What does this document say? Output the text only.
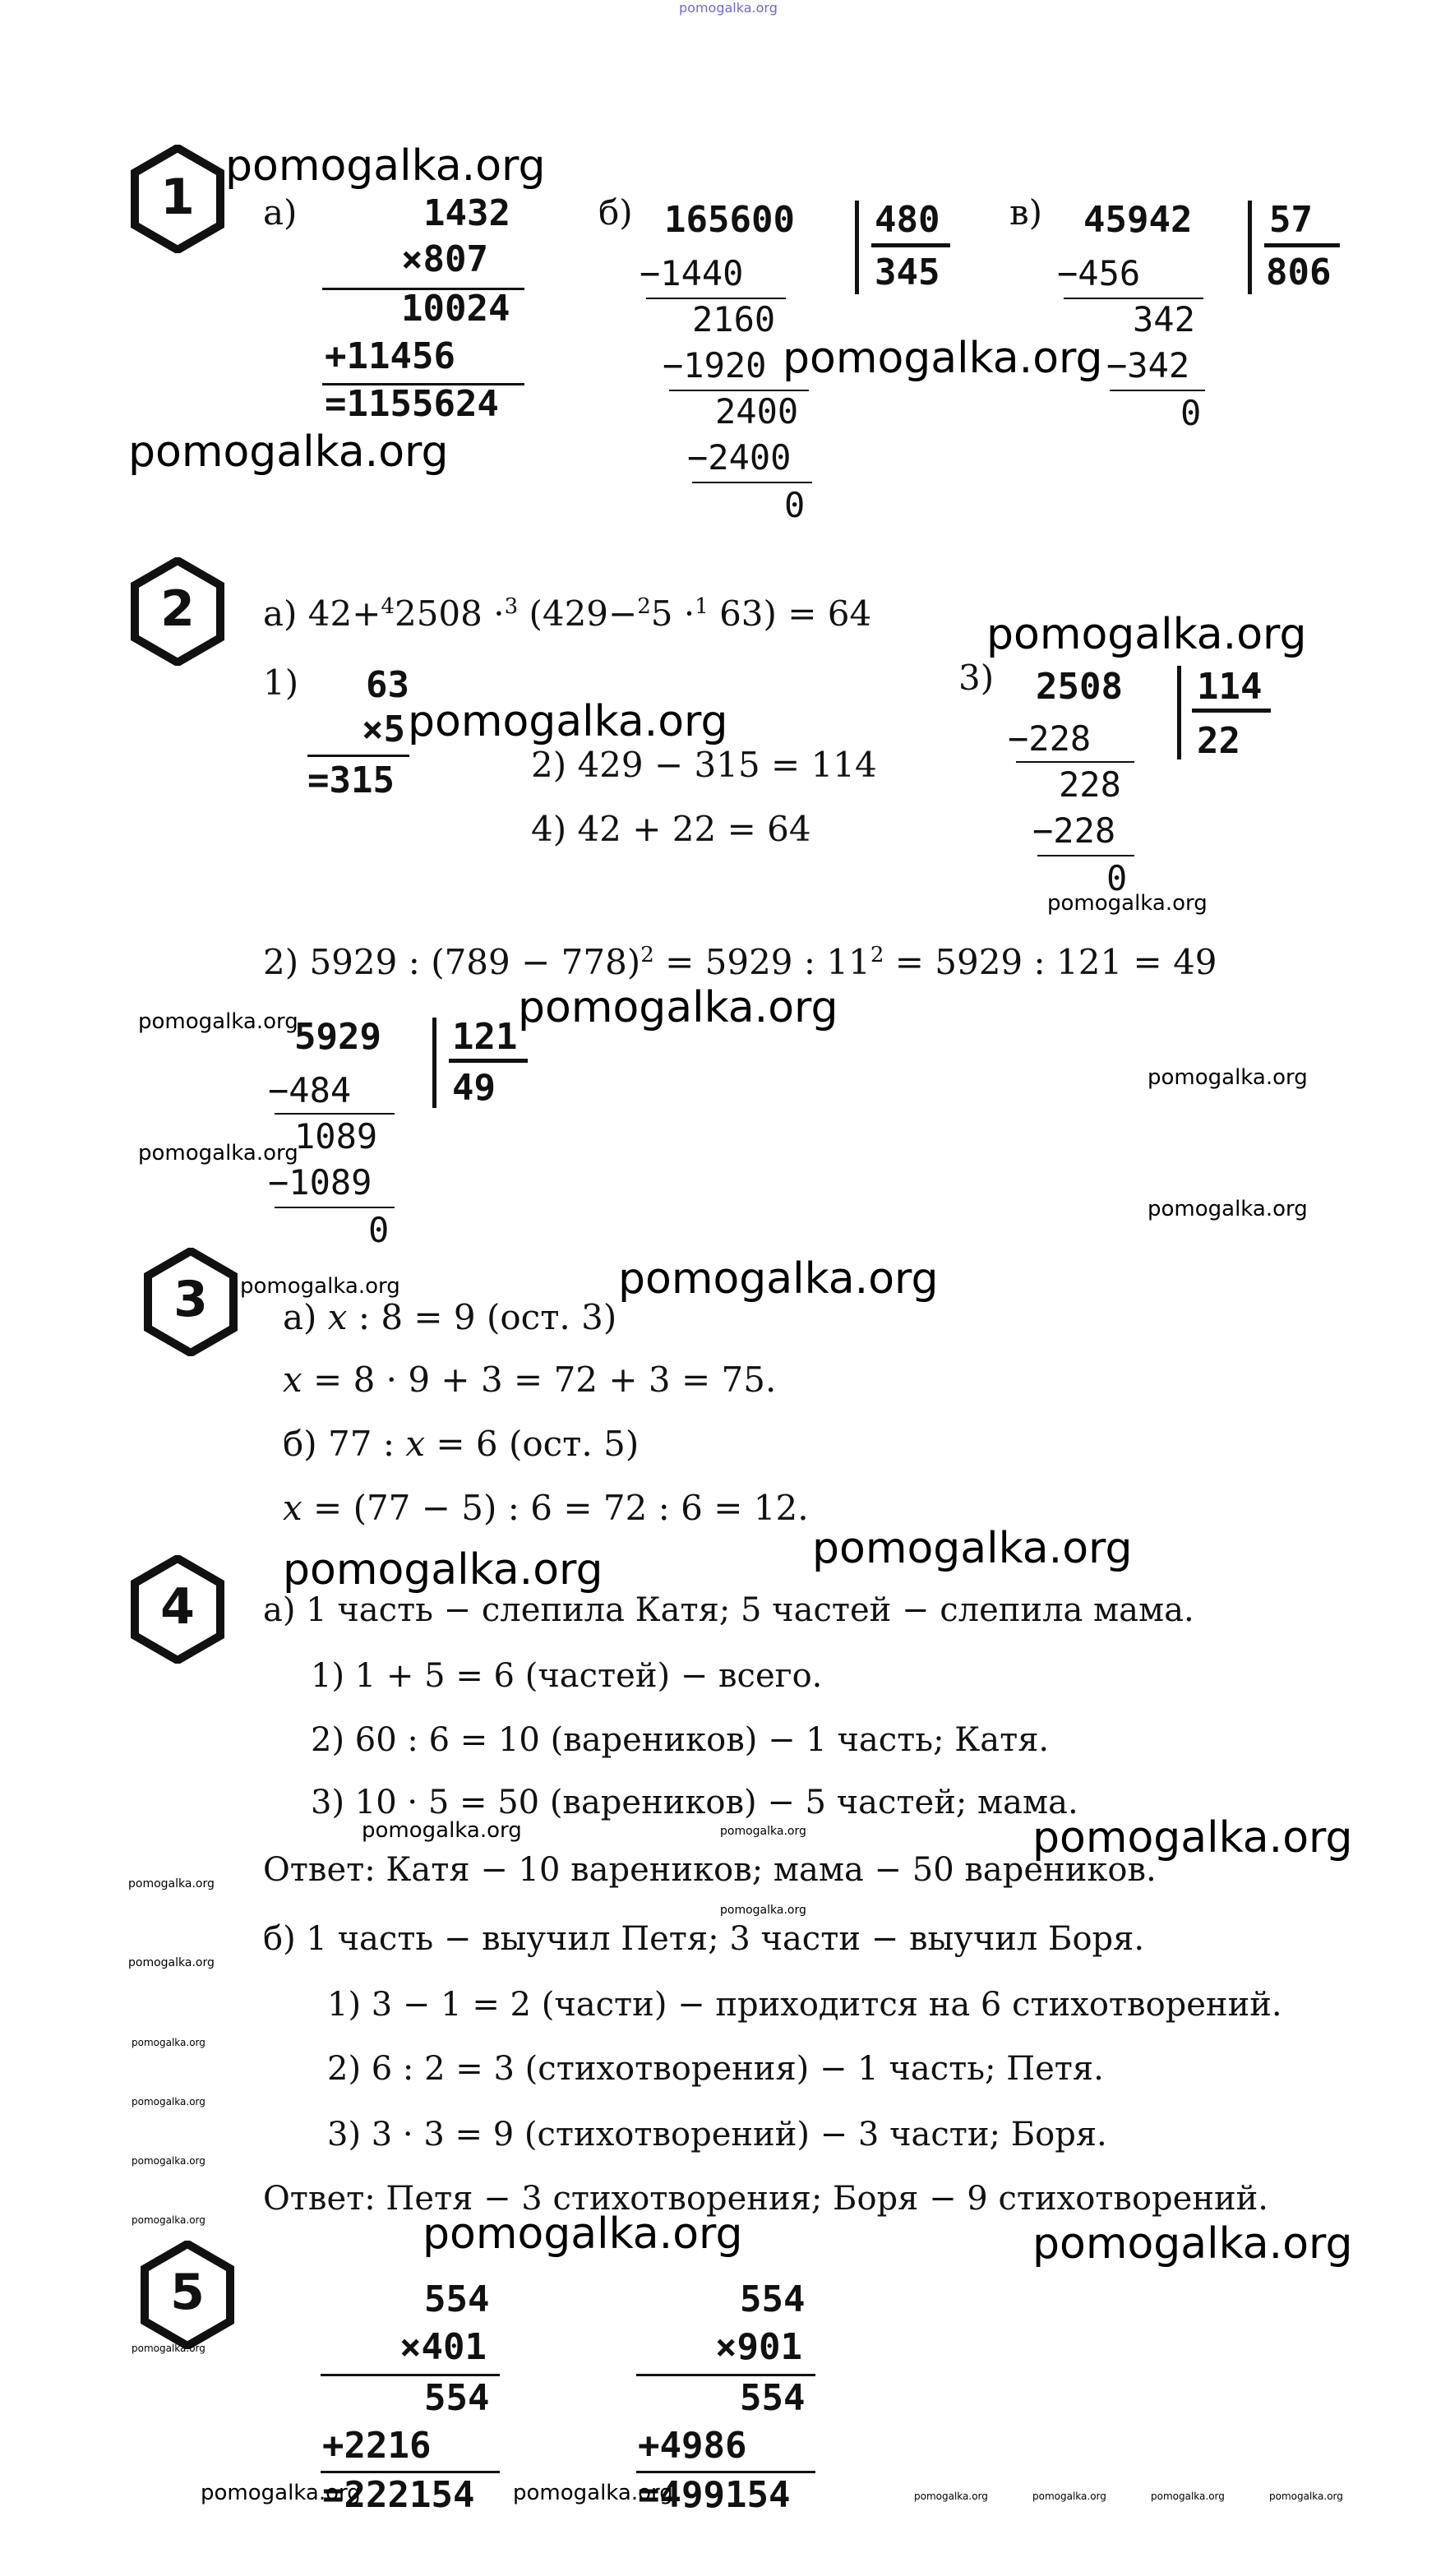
pomogalka.org
1
pomogalka.org
а)	1432
×807
10024
+11456
=1155624
pomogalka.org
б) 165600 480
345
−1440
2160
−1920
2400
−2400
0
pomogalka.org
в) 45942 57
806
−456
342
−342
0
2	а) 42+$^4$2508 ·$^3$ (429−$^2$5 ·$^1$ 63) = 64	pomogalka.org
1) 63
×5
=315
pomogalka.org
2) 429 − 315 = 114
4) 42 + 22 = 64
3) 2508 114
22
−228
228
−228
0
pomogalka.org
2) 5929 : $(789 - 778)^2 = 5929$ : $11^2 = 5929$ : 121 = 49
pomogalka.org	pomogalka.org
pomogalka.org
5929 121
49
−484
1089
−1089
0
pomogalka.org
pomogalka.org
3	pomogalka.org	pomogalka.org
а) 𝑥 : 8 = 9 (ост. 3)
𝑥 = 8 · 9 + 3 = 72 + 3 = 75.
б) 77 : 𝑥 = 6 (ост. 5)
𝑥 = (77 − 5) : 6 = 72 : 6 = 12.
4
pomogalka.org	pomogalka.org
а) 1 часть − слепила Катя; 5 частей − слепила мама.
1) 1 + 5 = 6 (частей) − всего.
2) 60 : 6 = 10 (вареников) − 1 часть; Катя.
3) 10 · 5 = 50 (вареников) − 5 частей; мама.
pomogalka.org	pomogalka.org	pomogalka.org
pomogalka.org Ответ: Катя − 10 вареников; мама − 50 вареников.
pomogalka.org
pomogalka.org
б) 1 часть − выучил Петя; 3 части − выучил Боря.
1) 3 − 1 = 2 (части) − приходится на 6 стихотворений.
2) 6 : 2 = 3 (стихотворения) − 1 часть; Петя.
3) 3 · 3 = 9 (стихотворений) − 3 части; Боря.
Ответ: Петя − 3 стихотворения; Боря − 9 стихотворений.
pomogalka.org
pomogalka.org
pomogalka.org
pomogalka.org	pomogalka.org	pomogalka.org
5
pomogalka.org
554
×401
554
+2216
=222154
554
×901
554
+4986
=499154
pomogalka.org	pomogalka.org	pomogalka.org	pomogalka.org	pomogalka.org	pomogalka.org
